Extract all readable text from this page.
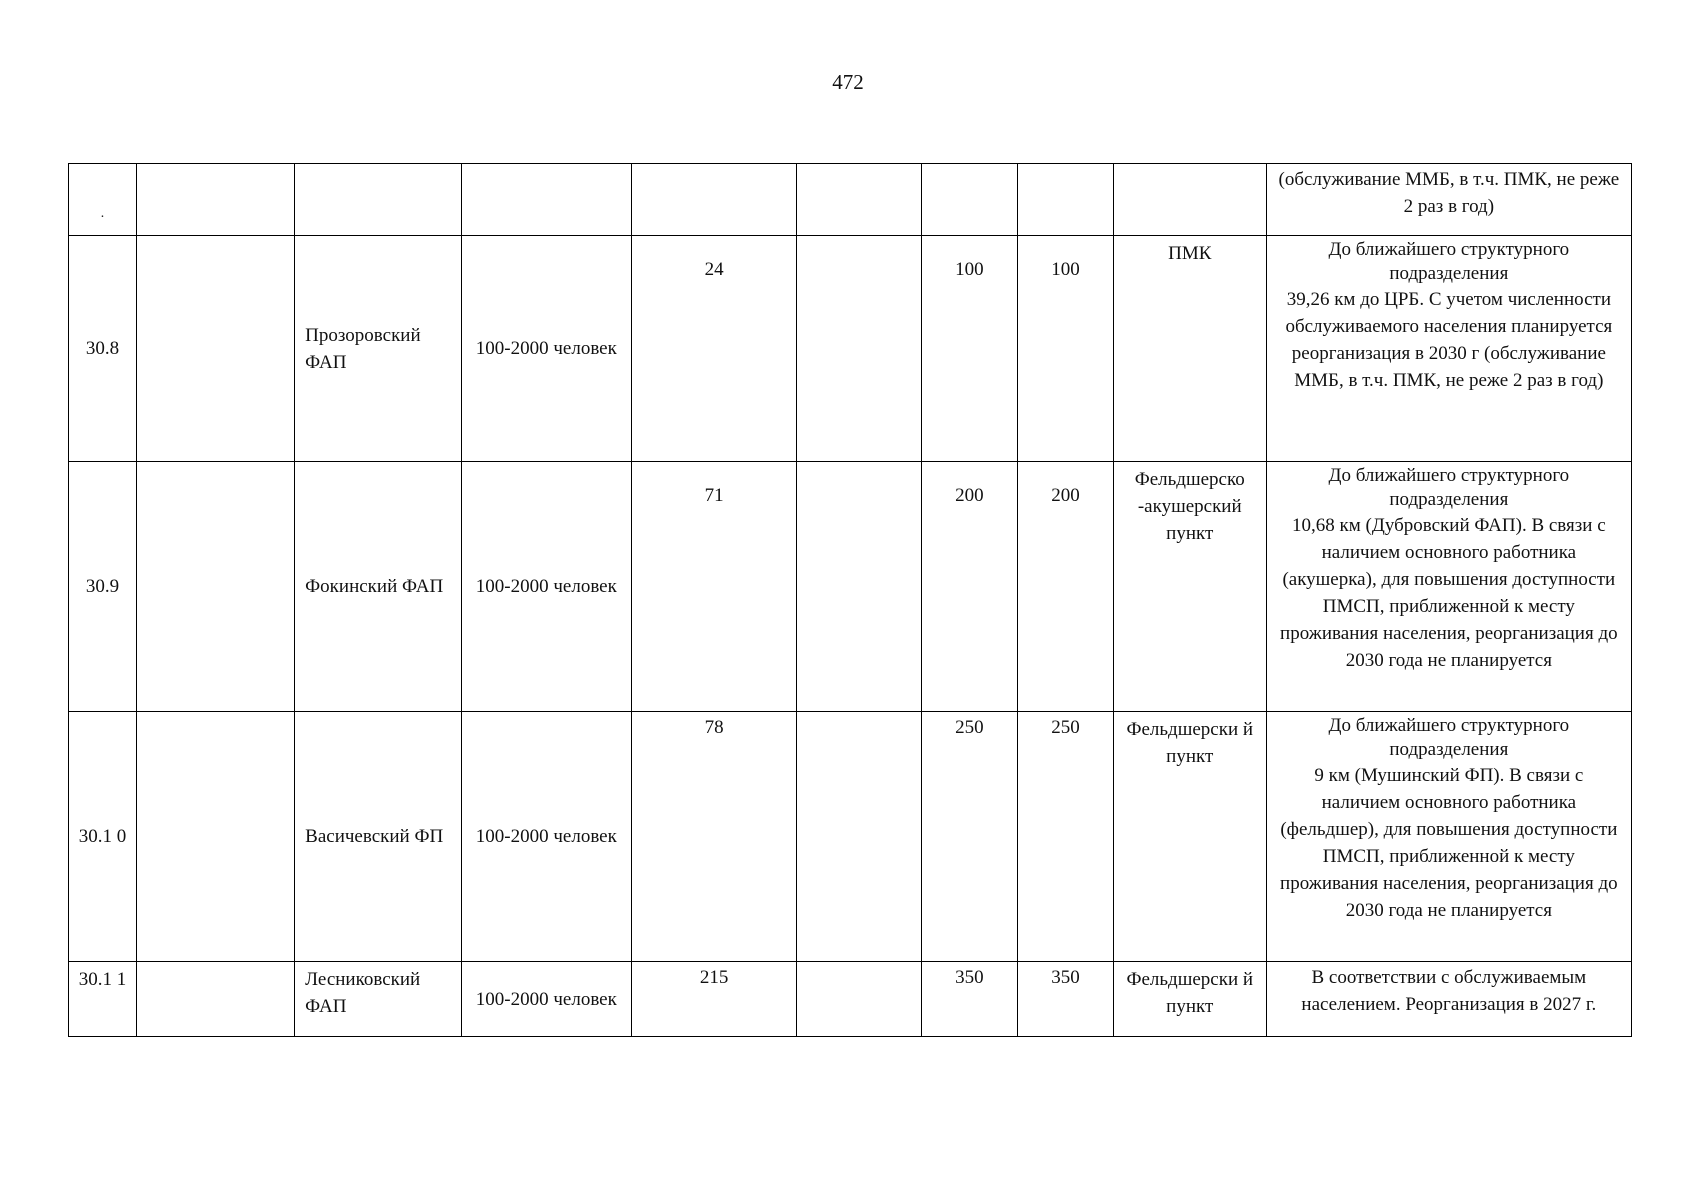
472
·									(обслуживание ММБ, в т.ч. ПМК, не реже 2 раз в год)
30.8		Прозоровский ФАП	100-2000 человек	24		100	100	ПМК	До ближайшего структурного подразделения
39,26 км до ЦРБ. С учетом численности обслуживаемого населения планируется реорганизация в 2030 г (обслуживание ММБ, в т.ч. ПМК, не реже 2 раз в год)
30.9		Фокинский ФАП	100-2000 человек	71		200	200	Фельдшерско -акушерский пункт	До ближайшего структурного подразделения
10,68 км (Дубровский ФАП). В связи с наличием основного работника (акушерка), для повышения доступности ПМСП, приближенной к месту проживания населения, реорганизация до 2030 года не планируется
30.1 0		Васичевский ФП	100-2000 человек	78		250	250	Фельдшерски й пункт	До ближайшего структурного подразделения
9 км (Мушинский ФП). В связи с наличием основного работника (фельдшер), для повышения доступности ПМСП, приближенной к месту проживания населения, реорганизация до 2030 года не планируется
30.1 1		Лесниковский ФАП	100-2000 человек	215		350	350	Фельдшерски й пункт	В соответствии с обслуживаемым населением. Реорганизация в 2027 г.
